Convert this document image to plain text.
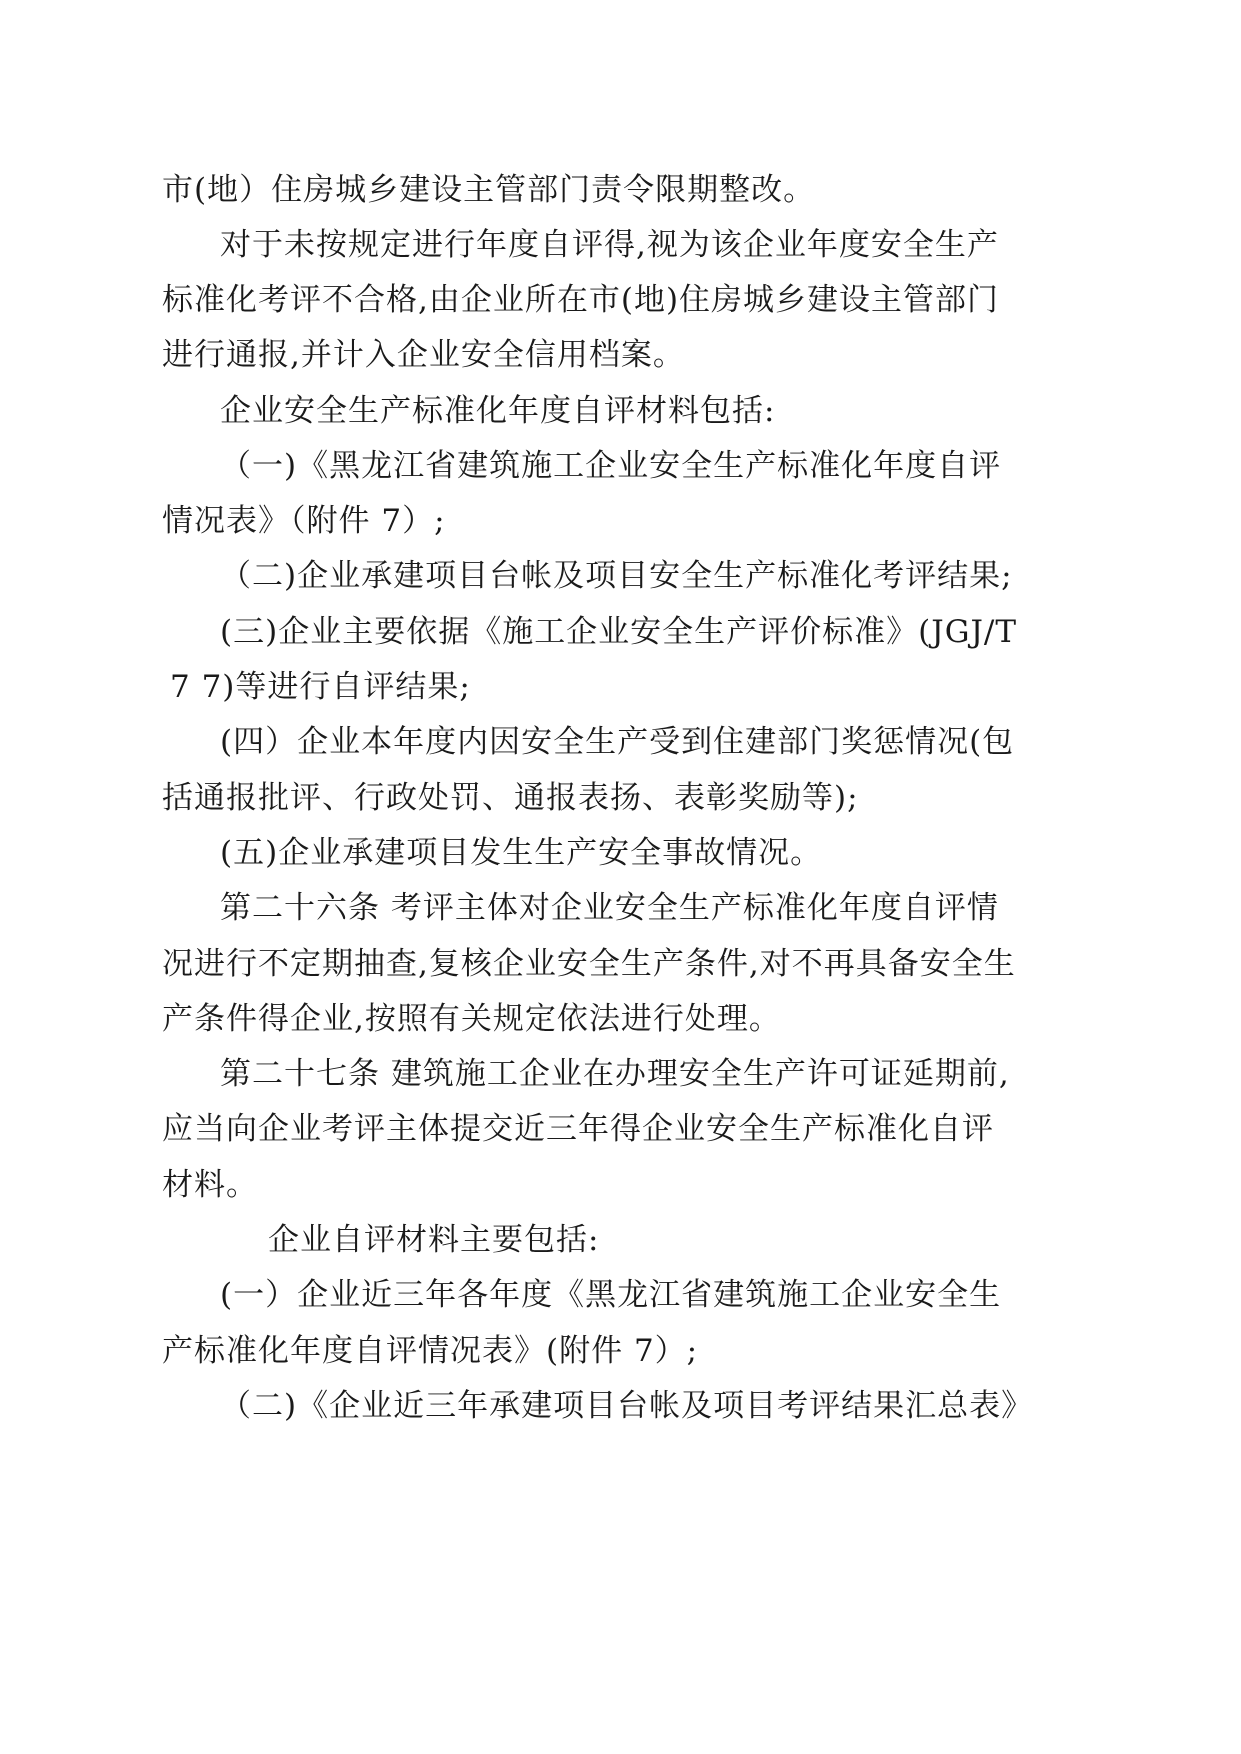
市(地）住房城乡建设主管部门责令限期整改。
对于未按规定进行年度自评得,视为该企业年度安全生产
标准化考评不合格,由企业所在市(地)住房城乡建设主管部门
进行通报,并计入企业安全信用档案。
企业安全生产标准化年度自评材料包括:
（一)《黑龙江省建筑施工企业安全生产标准化年度自评
情况表》（附件 7）;
（二)企业承建项目台帐及项目安全生产标准化考评结果;
(三)企业主要依据《施工企业安全生产评价标准》(JGJ/T
7 7)等进行自评结果;
(四）企业本年度内因安全生产受到住建部门奖惩情况(包
括通报批评、行政处罚、通报表扬、表彰奖励等);
(五)企业承建项目发生生产安全事故情况。
第二十六条 考评主体对企业安全生产标准化年度自评情
况进行不定期抽查,复核企业安全生产条件,对不再具备安全生
产条件得企业,按照有关规定依法进行处理。
第二十七条 建筑施工企业在办理安全生产许可证延期前,
应当向企业考评主体提交近三年得企业安全生产标准化自评
材料。
企业自评材料主要包括:
(一）企业近三年各年度《黑龙江省建筑施工企业安全生
产标准化年度自评情况表》(附件 7）;
（二)《企业近三年承建项目台帐及项目考评结果汇总表》
